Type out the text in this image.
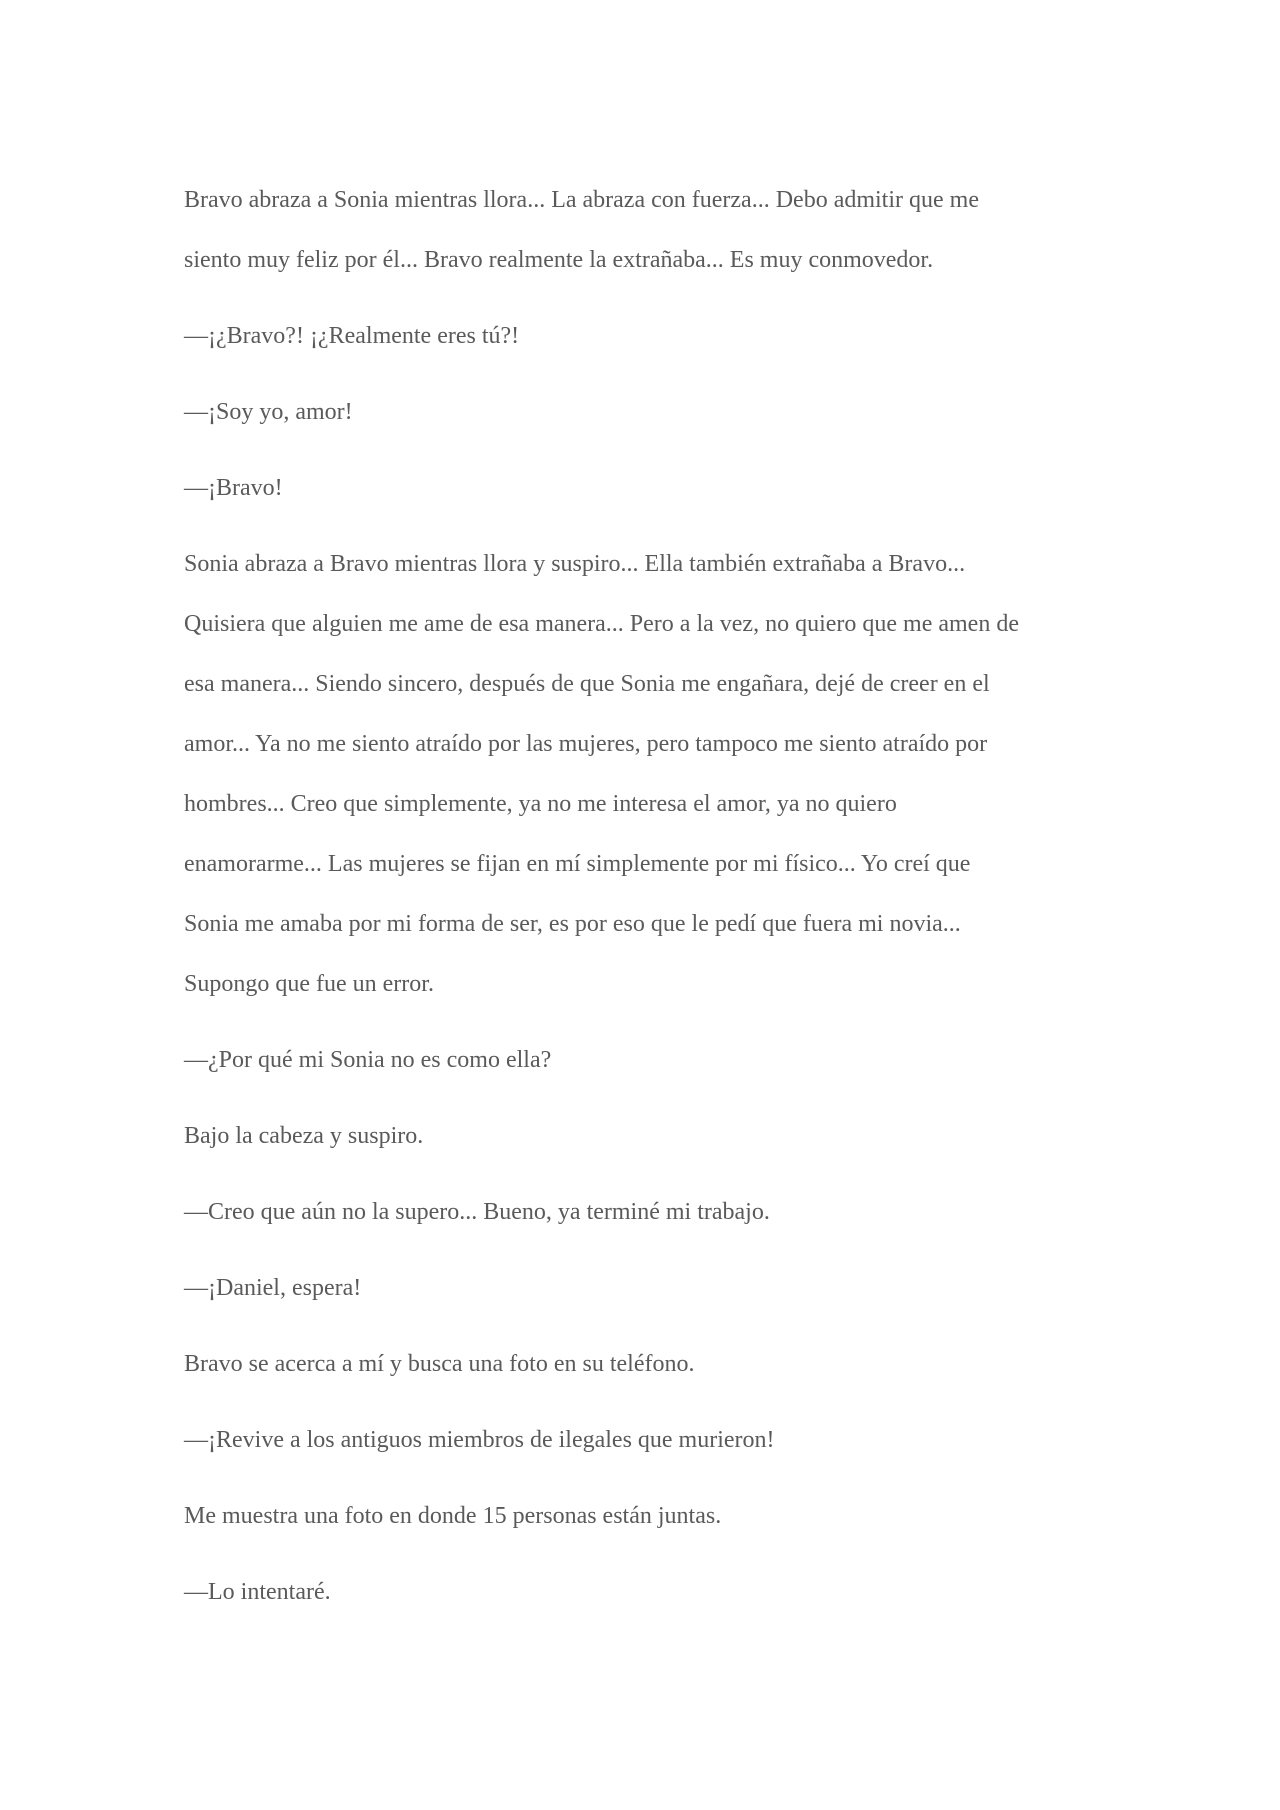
Bravo abraza a Sonia mientras llora... La abraza con fuerza... Debo admitir que me
siento muy feliz por él... Bravo realmente la extrañaba... Es muy conmovedor.
—¡¿Bravo?! ¡¿Realmente eres tú?!
—¡Soy yo, amor!
—¡Bravo!
Sonia abraza a Bravo mientras llora y suspiro... Ella también extrañaba a Bravo...
Quisiera que alguien me ame de esa manera... Pero a la vez, no quiero que me amen de
esa manera... Siendo sincero, después de que Sonia me engañara, dejé de creer en el
amor... Ya no me siento atraído por las mujeres, pero tampoco me siento atraído por
hombres... Creo que simplemente, ya no me interesa el amor, ya no quiero
enamorarme... Las mujeres se fijan en mí simplemente por mi físico... Yo creí que
Sonia me amaba por mi forma de ser, es por eso que le pedí que fuera mi novia...
Supongo que fue un error.
—¿Por qué mi Sonia no es como ella?
Bajo la cabeza y suspiro.
—Creo que aún no la supero... Bueno, ya terminé mi trabajo.
—¡Daniel, espera!
Bravo se acerca a mí y busca una foto en su teléfono.
—¡Revive a los antiguos miembros de ilegales que murieron!
Me muestra una foto en donde 15 personas están juntas.
—Lo intentaré.
